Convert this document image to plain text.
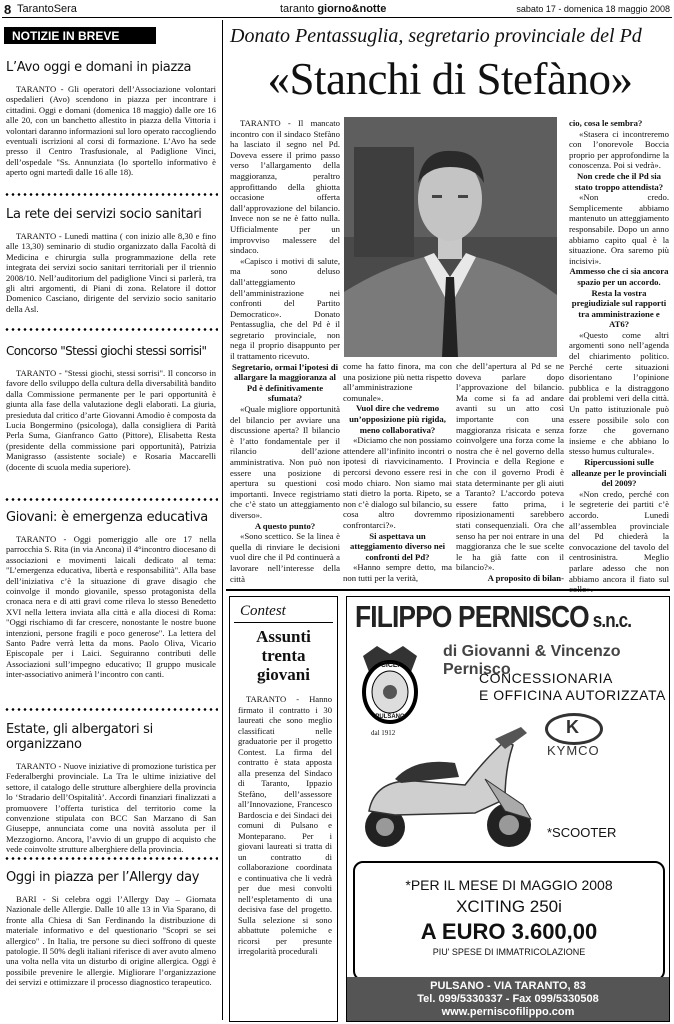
8 TarantoSera	taranto giorno&notte	sabato 17 - domenica 18 maggio 2008
NOTIZIE IN BREVE
L’Avo oggi e domani in piazza
TARANTO - Gli operatori dell’Associazione volontari ospedalieri (Avo) scendono in piazza per incontrare i cittadini. Oggi e domani (domenica 18 maggio) dalle ore 16 alle 20, con un banchetto allestito in piazza della Vittoria i volontari daranno informazioni sul loro operato raccogliendo eventuali iscrizioni al corsi di formazione. L’Avo ha sede presso il Centro Trasfusionale, al Padiglione Vinci, dell’ospedale "Ss. Annunziata (lo sportello informativo è aperto ogni martedì dalle 16 alle 18).
La rete dei servizi socio sanitari
TARANTO - Lunedì mattina ( con inizio alle 8,30 e fino alle 13,30) seminario di studio organizzato dalla Facoltà di Medicina e chirurgia sulla programmazione della rete integrata dei servizi socio sanitari territoriali per il triennio 2008/10. Nell’auditorium del padiglione Vinci si parlerà, tra gli altri argomenti, di Piani di zona. Relatore il dottor Domenico Casciano, dirigente del servizio socio sanitario della Asl.
Concorso "Stessi giochi stessi sorrisi"
TARANTO - "Stessi giochi, stessi sorrisi". Il concorso in favore dello sviluppo della cultura della diversabilità bandito dalla Commissione permanente per le pari opportunità è giunta alla fase della valutazione degli elaborati. La giuria, presieduta dal critico d’arte Giovanni Amodio è composta da Lucia Bongermino (psicologa), dalla consigliera di Parità Perla Suma, Gianfranco Gatto (Pittore), Elisabetta Resta (presidente della commissione pari opportunità), Patrizia Manigrasso (assistente sociale) e Rosaria Maccarelli (docente di scuola media superiore).
Giovani: è emergenza educativa
TARANTO - Oggi pomeriggio alle ore 17 nella parrocchia S. Rita (in via Ancona) il 4°incontro diocesano di associazioni e movimenti laicali dedicato al tema: "L’emergenza educativa, libertà e responsabilità". Alla base dell’iniziativa c’è la situazione di grave disagio che coinvolge il mondo giovanile, spesso protagonista della cronaca nera e di atti gravi come rileva lo stesso Benedetto XVI nella lettera inviata alla città e alla diocesi di Roma: "Oggi rischiamo di far crescere, nonostante le nostre buone intenzioni, persone fragili e poco generose". La lettera del Santo Padre verrà letta da mons. Paolo Oliva, Vicario Episcopale per i Laici. Seguiranno contributi delle Associazioni sull’impegno educativo; Il gruppo musicale inter-associativo animerà l’incontro con canti.
Estate, gli albergatori si organizzano
TARANTO - Nuove iniziative di promozione turistica per Federalberghi provinciale. La Tra le ultime iniziative del settore, il catalogo delle strutture alberghiere della provincia lo ‘Stradario dell’Ospitalità’. Accordi finanziari finalizzati a promuovere l’offerta turistica del territorio come la convenzione stipulata con BCC San Marzano di San Giuseppe, annunciata come una novità assoluta per il Mezzogiorno. Ancora, l’avvio di un gruppo di acquisto che vede coinvolte strutture alberghiere della provincia.
Oggi in piazza per l’Allergy day
BARI - Si celebra oggi l’Allergy Day – Giornata Nazionale delle Allergie. Dalle 10 alle 13 in Via Sparano, di fronte alla Chiesa di San Ferdinando la distribuzione di materiale informativo e del questionario "Scopri se sei allergico" . In Italia, tre persone su dieci soffrono di queste patologie. Il 50% degli italiani riferisce di aver avuto almeno una volta nella vita un disturbo di origine allergica. Oggi è possibile prevenire le allergie. Migliorare l’organizzazione dei servizi e ottimizzare il processo diagnostico terapeutico.
Donato Pentassuglia, segretario provinciale del Pd
«Stanchi di Stefàno»

TARANTO - Il mancato incontro con il sindaco Stefàno ha lasciato il segno nel Pd. Doveva essere il primo passo verso l’allargamento della maggioranza, peraltro approfittando della ghiotta occasione offerta dall’approvazione del bilancio. Invece non se ne è fatto nulla. Ufficialmente per un improvviso malessere del sindaco.

«Capisco i motivi di salute, ma sono deluso dall’atteggiamento dell’amministrazione nei confronti del Partito Democratico». Donato Pentassuglia, che del Pd è il segretario provinciale, non nega il proprio disappunto per il trattamento ricevuto.

Segretario, ormai l’ipotesi di allargare la maggioranza al Pd è definitivamente sfumata?

«Quale migliore opportunità del bilancio per avviare una discussione aperta? Il bilancio è l’atto fondamentale per il rilancio dell’azione amministrativa. Non può non essere una posizione di apertura su questioni così importanti. Invece registriamo che c’è stato un atteggiamento diverso».

A questo punto?

«Sono scettico. Se la linea è quella di rinviare le decisioni vuol dire che il Pd continuerà a lavorare nell’interesse della città

come ha fatto finora, ma con una posizione più netta rispetto all’amministrazione comunale».

Vuol dire che vedremo un’opposizione più rigida, meno collaborativa?

«Diciamo che non possiamo attendere all’infinito incontri o ipotesi di riavvicinamento. I percorsi devono essere resi in modo chiaro. Non siamo mai stati dietro la porta. Ripeto, se non c’è dialogo sul bilancio, su cosa altro dovremmo confrontarci?».

Si aspettava un atteggiamento diverso nei confronti del Pd?

«Hanno sempre detto, ma non tutti per la verità,

che dell’apertura al Pd se ne doveva parlare dopo l’approvazione del bilancio. Ma come si fa ad andare avanti su un atto così importante con una maggioranza risicata e senza coinvolgere una forza come la nostra che è nel governo della Provincia e della Regione e che con il governo Prodi è stata determinante per gli aiuti a Taranto? L’accordo poteva essere fatto prima, i riposizionamenti sarebbero stati consequenziali. Ora che senso ha per noi entrare in una maggioranza che le sue scelte le ha già fatte con il bilancio?».

A proposito di bilan-
cio, cosa le sembra?

«Stasera ci incontreremo con l’onorevole Boccia proprio per approfondirne la conoscenza. Poi si vedrà».

Non crede che il Pd sia stato troppo attendista?

«Non credo. Semplicemente abbiamo mantenuto un atteggiamento responsabile. Dopo un anno abbiamo capito qual è la situazione. Ora saremo più incisivi».

Ammesso che ci sia ancora spazio per un accordo. Resta la vostra pregiudiziale sul rapporti tra amministrazione e AT6?

«Questo come altri argomenti sono nell’agenda del chiarimento politico. Perché certe situazioni disorientano l’opinione pubblica e la distraggono dai problemi veri della città. Un patto istituzionale può essere possibile solo con forze che governano insieme e che abbiano lo stesso humus culturale».

Ripercussioni sulle alleanze per le provinciali del 2009?

«Non credo, perché con le segreterie dei partiti c’è accordo. Lunedì all’assemblea provinciale del Pd chiederà la convocazione del tavolo del centrosinistra. Meglio parlare adesso che non abbiamo ancora il fiato sul

Contest
Assunti
trenta
giovani
TARANTO - Hanno firmato il contratto i 30 laureati che sono meglio classificati nelle graduatorie per il progetto Contest. La firma del contratto è stata apposta alla presenza del Sindaco di Taranto, Ippazio Stefàno, dell’assessore all’Innovazione, Francesco Bardoscia e dei Sindaci dei comuni di Pulsano e Monteparano. Per i giovani laureati si tratta di un contratto di collaborazione coordinata e continuativa che li vedrà per due mesi convolti nell’espletamento di una decisiva fase del progetto. Sulla selezione si sono abbattute polemiche e ricorsi per presunte irregolarità procedurali
FILIPPO PERNISCO s.n.c.
CICLI
PULSANO
dal 1912
di Giovanni & Vincenzo Pernisco
CONCESSIONARIA
E OFFICINA AUTORIZZATA
K
KYMCO
*SCOOTER
*PER IL MESE DI MAGGIO 2008
XCITING 250i
A EURO 3.600,00
PIU' SPESE DI IMMATRICOLAZIONE
PULSANO - VIA TARANTO, 83
Tel. 099/5330337 - Fax 099/5330508
www.perniscofilippo.com
